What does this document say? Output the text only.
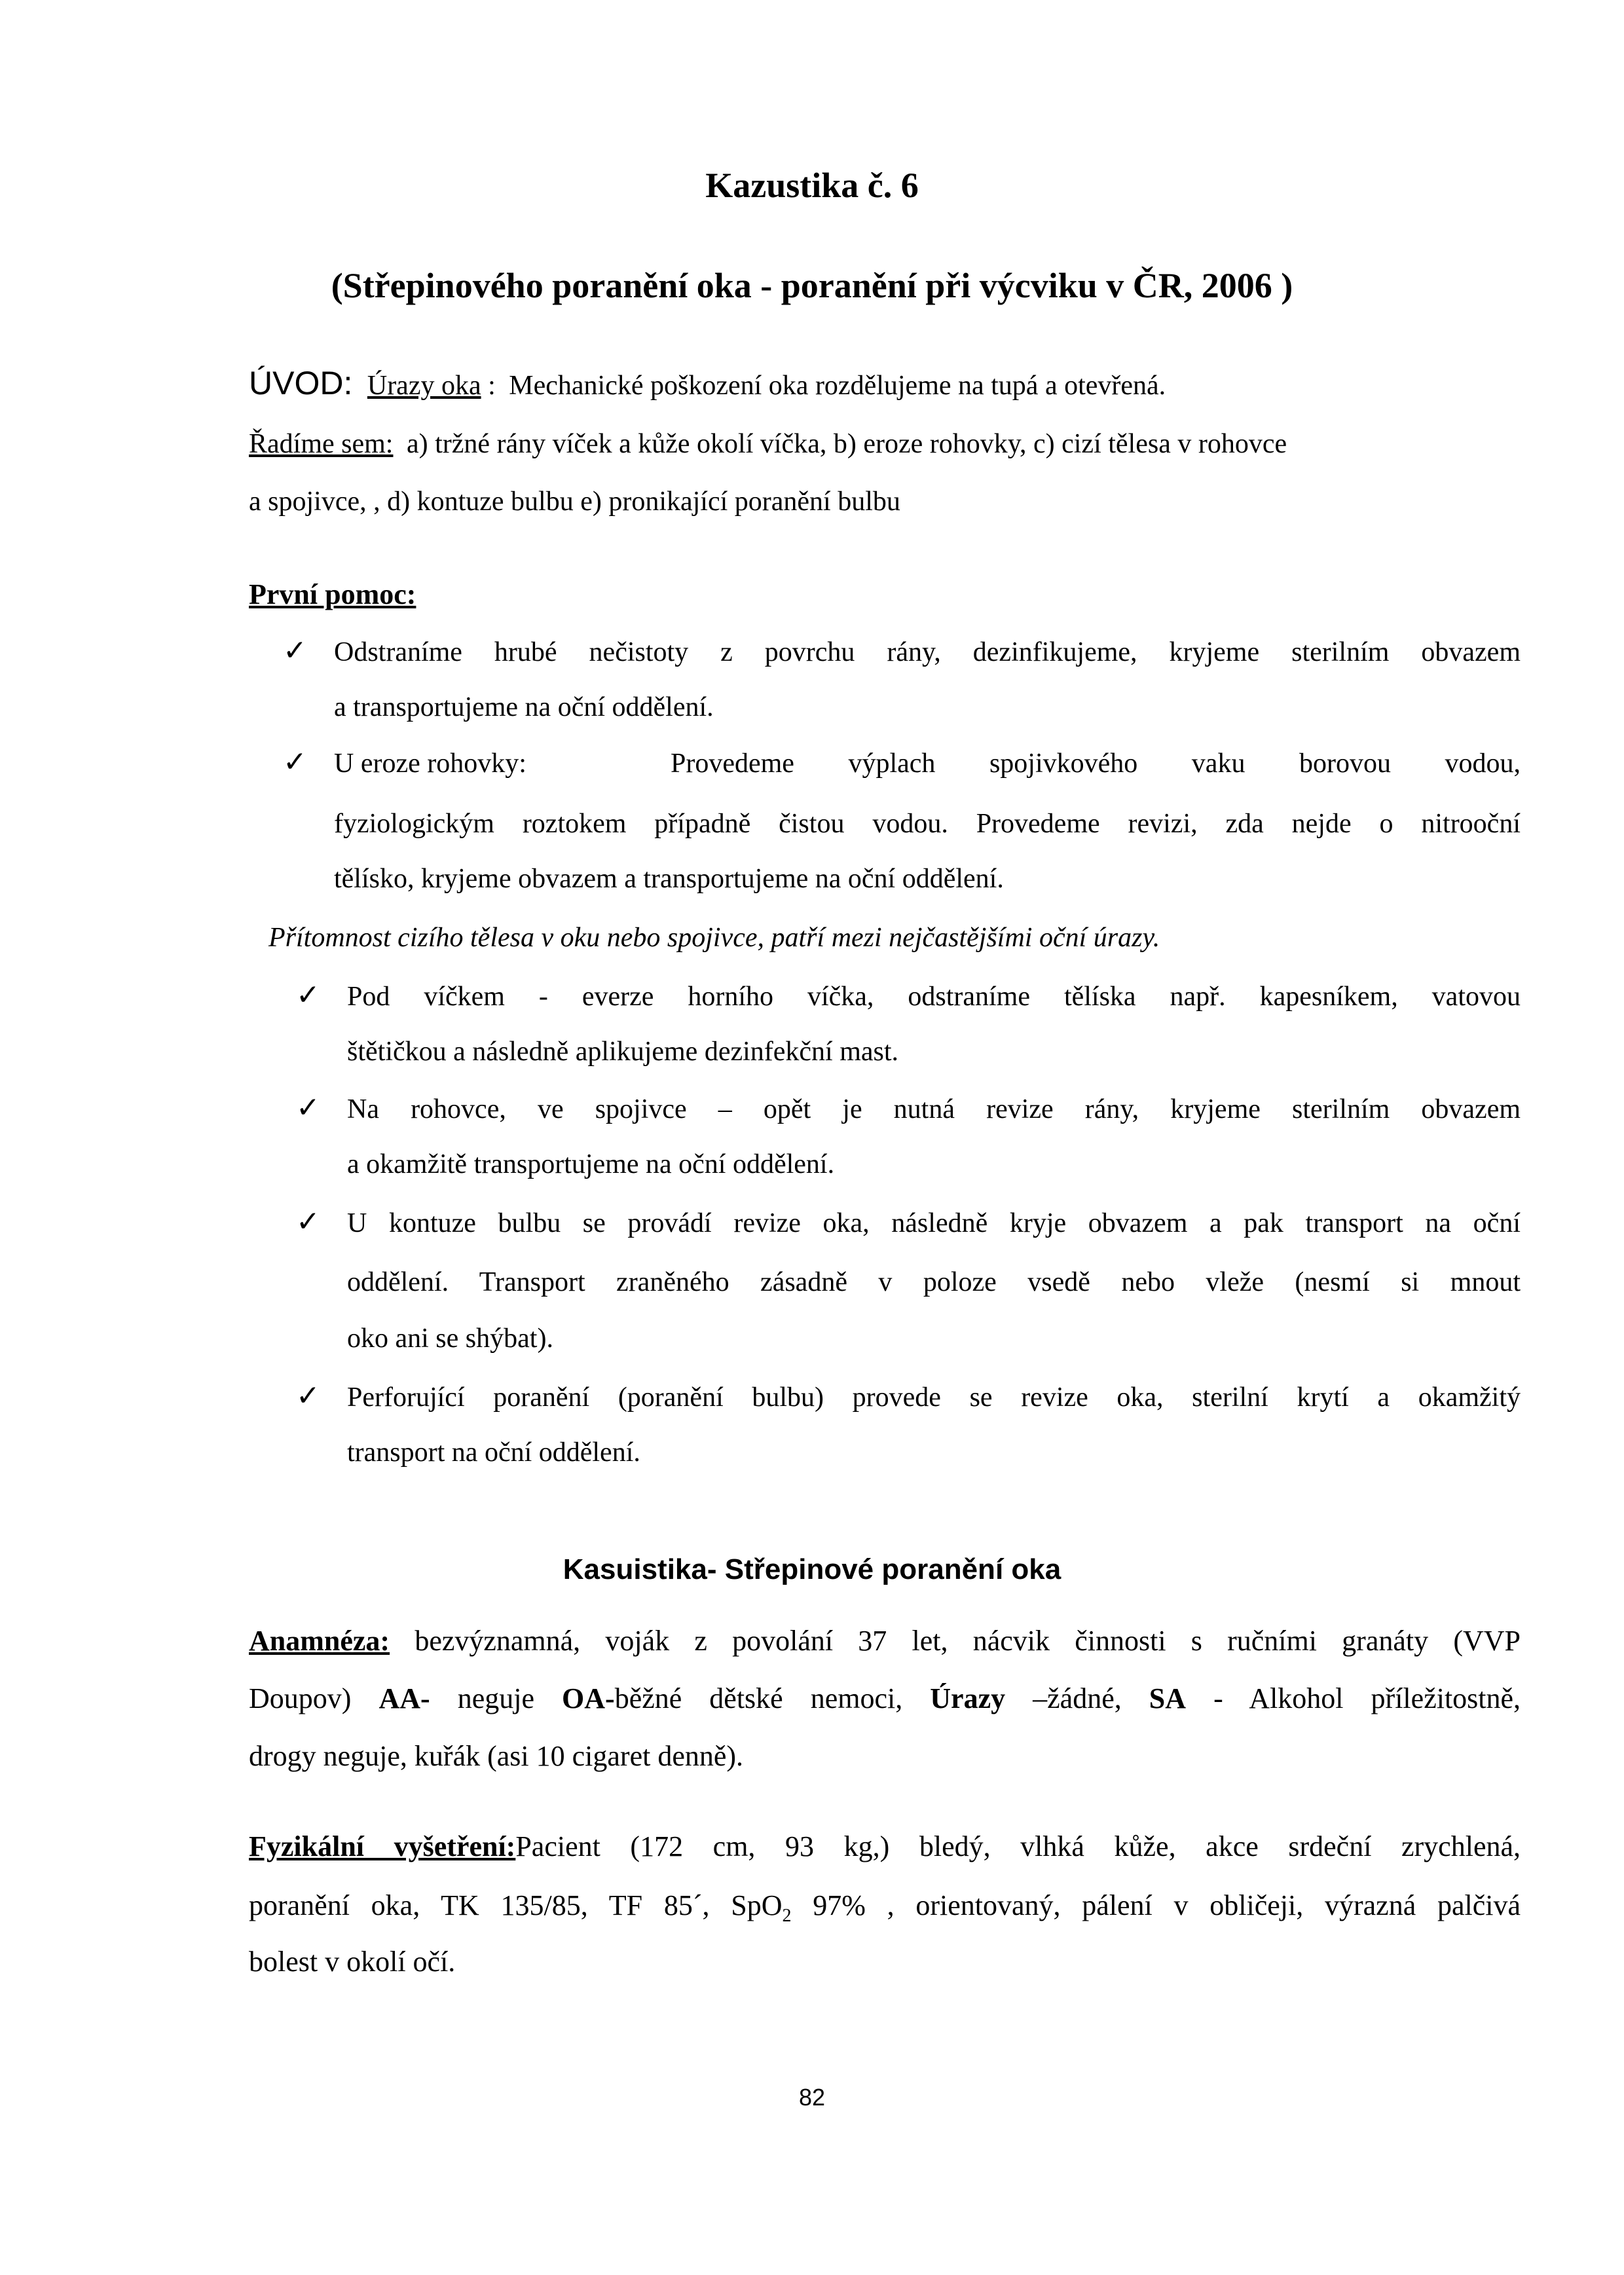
Kazustika č. 6
(Střepinového poranění oka - poranění při výcviku v ČR, 2006 )
ÚVOD: Úrazy oka : Mechanické poškození oka rozdělujeme na tupá a otevřená.
Řadíme sem: a) tržné rány víček a kůže okolí víčka, b) eroze rohovky, c) cizí tělesa v rohovce
a spojivce, , d) kontuze bulbu e) pronikající poranění bulbu
První pomoc:
✓ Odstraníme hrubé nečistoty z povrchu rány, dezinfikujeme, kryjeme sterilním obvazem
a transportujeme na oční oddělení.
✓ U eroze rohovky:	Provedeme výplach spojivkového vaku borovou vodou,
fyziologickým roztokem případně čistou vodou. Provedeme revizi, zda nejde o nitrooční
tělísko, kryjeme obvazem a transportujeme na oční oddělení.
Přítomnost cizího tělesa v oku nebo spojivce, patří mezi nejčastějšími oční úrazy.
✓ Pod víčkem - everze horního víčka, odstraníme tělíska např. kapesníkem, vatovou
štětičkou a následně aplikujeme dezinfekční mast.
✓ Na rohovce, ve spojivce – opět je nutná revize rány, kryjeme sterilním obvazem
a okamžitě transportujeme na oční oddělení.
✓ U kontuze bulbu se provádí revize oka, následně kryje obvazem a pak transport na oční
oddělení. Transport zraněného zásadně v poloze vsedě nebo vleže (nesmí si mnout
oko ani se shýbat).
✓ Perforující poranění (poranění bulbu) provede se revize oka, sterilní krytí a okamžitý
transport na oční oddělení.
Kasuistika- Střepinové poranění oka
Anamnéza: bezvýznamná, voják z povolání 37 let, nácvik činnosti s ručními granáty (VVP
Doupov) AA- neguje OA-běžné dětské nemoci, Úrazy –žádné, SA - Alkohol příležitostně,
drogy neguje, kuřák (asi 10 cigaret denně).
Fyzikální vyšetření:Pacient (172 cm, 93 kg,) bledý, vlhká kůže, akce srdeční zrychlená,
poranění oka, TK 135/85, TF 85´, SpO$_2$ 97% , orientovaný, pálení v obličeji, výrazná palčivá
bolest v okolí očí.
82
